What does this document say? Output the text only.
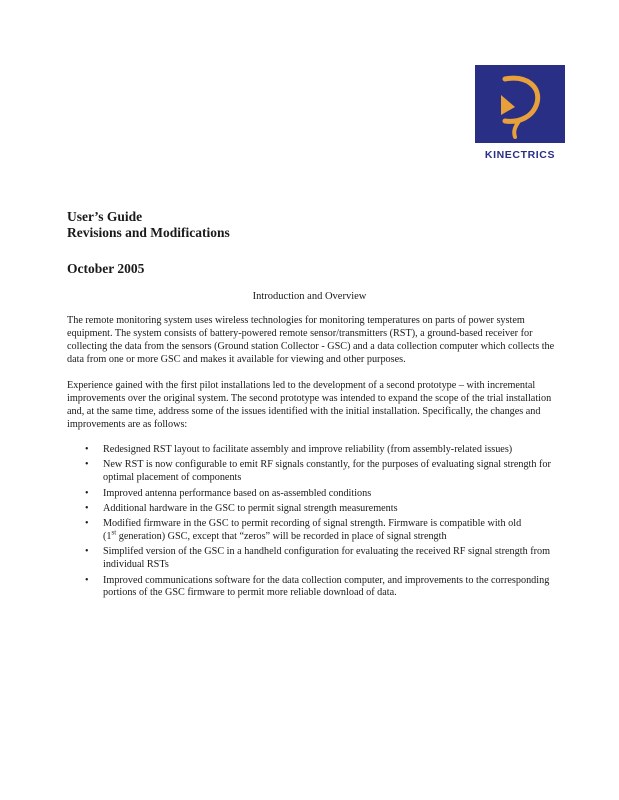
KINECTRICS
User’s Guide
Revisions and Modifications
October 2005
Introduction and Overview

The remote monitoring system uses wireless technologies for monitoring temperatures on parts of power system equipment. The system consists of battery-powered remote sensor/transmitters (RST), a ground-based receiver for collecting the data from the sensors (Ground station Collector - GSC) and a data collection computer which collects the data from one or more GSC and makes it available for viewing and other purposes.

Experience gained with the first pilot installations led to the development of a second prototype – with incremental improvements over the original system. The second prototype was intended to expand the scope of the trial installation and, at the same time, address some of the issues identified with the initial installation. Specifically, the changes and improvements are as follows:

• Redesigned RST layout to facilitate assembly and improve reliability (from assembly-related issues)
• New RST is now configurable to emit RF signals constantly, for the purposes of evaluating signal strength for optimal placement of components
• Improved antenna performance based on as-assembled conditions
• Additional hardware in the GSC to permit signal strength measurements
• Modified firmware in the GSC to permit recording of signal strength. Firmware is compatible with old
(1st generation) GSC, except that “zeros” will be recorded in place of signal strength
• Simplifed version of the GSC in a handheld configuration for evaluating the received RF signal strength from individual RSTs
• Improved communications software for the data collection computer, and improvements to the corresponding portions of the GSC firmware to permit more reliable download of data.
